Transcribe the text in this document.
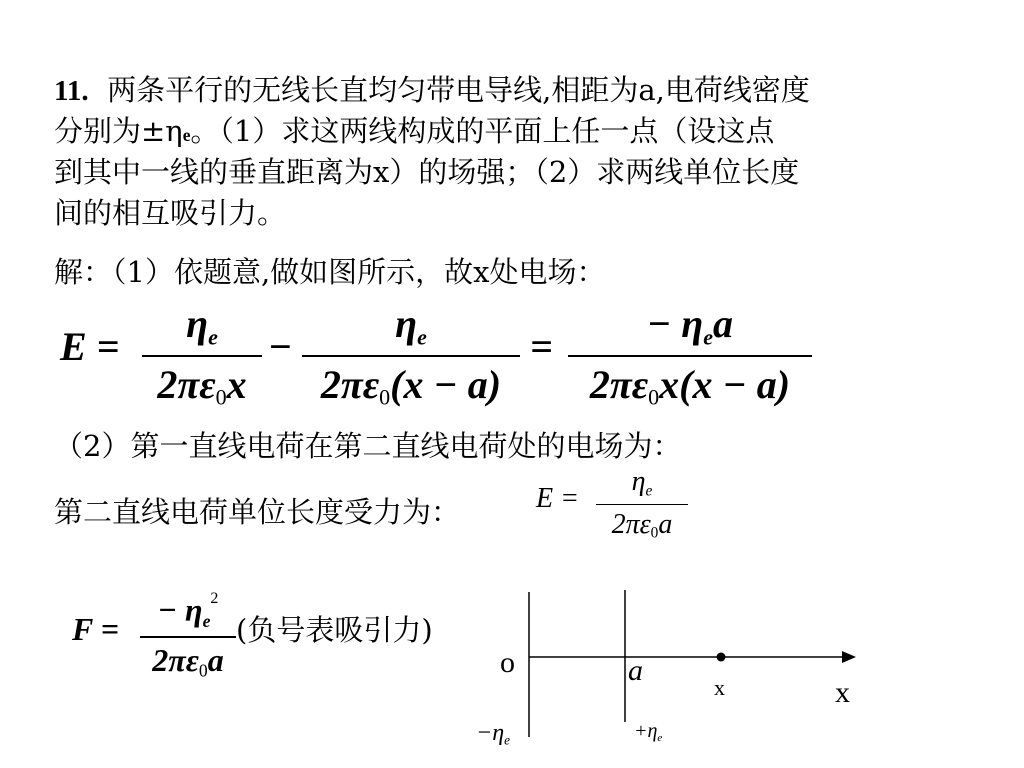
11. 两条平行的无线长直均匀带电导线,相距为a,电荷线密度
分别为±ηe。（1）求这两线构成的平面上任一点（设这点
到其中一线的垂直距离为x）的场强；（2）求两线单位长度
间的相互吸引力。
解：（1）依题意,做如图所示，故x处电场：
E =
$\eta_e$
2πε0x
−
$\eta_e$
2πε0(x − a)
=
− $\eta_ea$
2πε0x(x − a)
（2）第一直线电荷在第二直线电荷处的电场为：
第二直线电荷单位长度受力为：	E =
$\eta_e$
2πε0a
F =
− $\eta_e^2$
2πε0a
(负号表吸引力)
o	a
x	x
$-\eta_e$	$+\eta_e$
